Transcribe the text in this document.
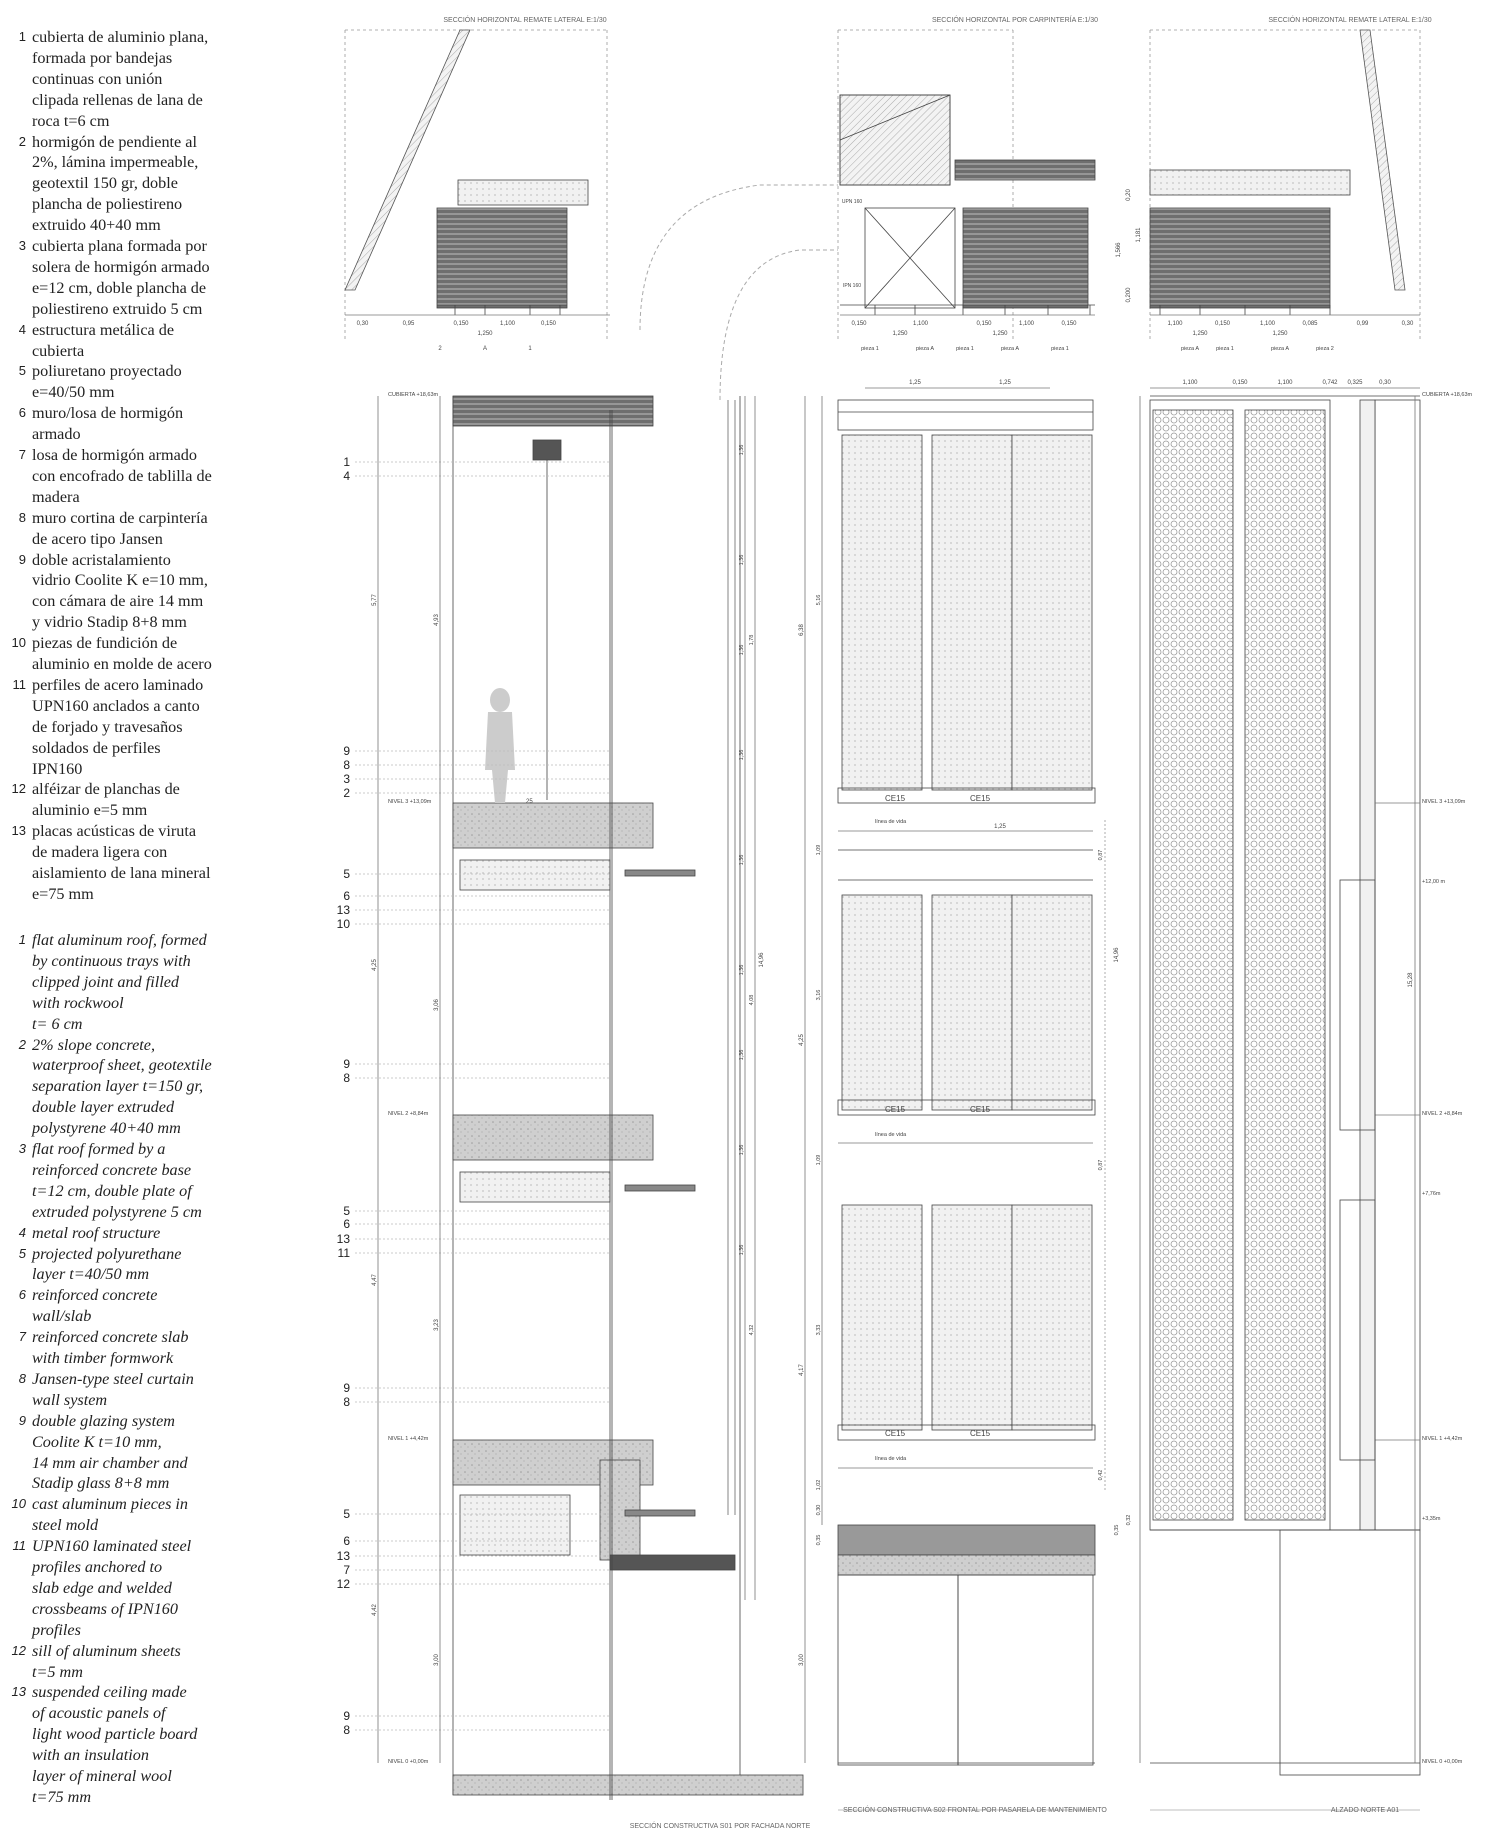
1 cubierta de aluminio plana,
formada por bandejas
continuas con unión
clipada rellenas de lana de
roca t=6 cm
2 hormigón de pendiente al
2%, lámina impermeable,
geotextil 150 gr, doble
plancha de poliestireno
extruido 40+40 mm
3 cubierta plana formada por
solera de hormigón armado
e=12 cm, doble plancha de
poliestireno extruido 5 cm
4 estructura metálica de
cubierta
5 poliuretano proyectado
e=40/50 mm
6 muro/losa de hormigón
armado
7 losa de hormigón armado
con encofrado de tablilla de
madera
8 muro cortina de carpintería
de acero tipo Jansen
9 doble acristalamiento
vidrio Coolite K e=10 mm,
con cámara de aire 14 mm
y vidrio Stadip 8+8 mm
10 piezas de fundición de
aluminio en molde de acero
11 perfiles de acero laminado
UPN160 anclados a canto
de forjado y travesaños
soldados de perfiles
IPN160
12 alféizar de planchas de
aluminio e=5 mm
13 placas acústicas de viruta
de madera ligera con
aislamiento de lana mineral
e=75 mm
1 flat aluminum roof, formed
by continuous trays with
clipped joint and filled
with rockwool
t= 6 cm
2 2% slope concrete,
waterproof sheet, geotextile
separation layer t=150 gr,
double layer extruded
polystyrene 40+40 mm
3 flat roof formed by a
reinforced concrete base
t=12 cm, double plate of
extruded polystyrene 5 cm
4 metal roof structure
5 projected polyurethane
layer t=40/50 mm
6 reinforced concrete
wall/slab
7 reinforced concrete slab
with timber formwork
8 Jansen-type steel curtain
wall system
9 double glazing system
Coolite K t=10 mm,
14 mm air chamber and
Stadip glass 8+8 mm
10 cast aluminum pieces in
steel mold
11 UPN160 laminated steel
profiles anchored to
slab edge and welded
crossbeams of IPN160
profiles
12 sill of aluminum sheets
t=5 mm
13 suspended ceiling made
of acoustic panels of
light wood particle board
with an insulation
layer of mineral wool
t=75 mm
SECCIÓN HORIZONTAL REMATE LATERAL E:1/30	SECCIÓN HORIZONTAL POR CARPINTERÍA E:1/30	SECCIÓN HORIZONTAL REMATE LATERAL E:1/30
SECCIÓN CONSTRUCTIVA S01 POR FACHADA NORTE
SECCIÓN CONSTRUCTIVA S02 FRONTAL POR PASARELA DE MANTENIMIENTO	ALZADO NORTE A01
0,30	0,95	0,150	1,100	0,150
1,250
2	A	1
0,150	1,100	0,150	1,100	0,150
1,250	1,250
pieza 1	pieza A	pieza 1	pieza A	pieza 1
UPN 160
IPN 160
1,100	0,150	1,100	0,085	0,99	0,30
1,250	1,250
pieza A	pieza 1	pieza A	pieza 2
0,20
1,181
1,566
0,200
25
CUBIERTA +18,63m
NIVEL 3 +13,09m
NIVEL 2 +8,84m
NIVEL 1 +4,42m
NIVEL 0 +0,00m
1
4
9
8
3
2
5
6
13
10
9
8
5
6
13
11
9
8
5
6
13
7
12
9
8
5,77
4,25
4,47
4,42
4,93
3,06
3,23
3,00
1,36
1,36
1,36
1,36
1,36
1,36
1,36
1,36
1,36
1,78
4,08
4,32
14,96
CE15	CE15
CE15	CE15
CE15	CE15
línea de vida
línea de vida
línea de vida
1,25
1,25	1,25
6,38
4,25
4,17
3,00
5,16
3,16
3,33
1,09
1,09
1,02
0,30
0,35
0,87
0,87
0,42
1,100	0,150	1,100	0,742 0,325	0,30
14,96
15,28
0,35
0,32
CUBIERTA +18,63m
NIVEL 3 +13,09m
NIVEL 2 +8,84m
NIVEL 1 +4,42m
NIVEL 0 +0,00m
+12,00 m
+7,76m
+3,35m
